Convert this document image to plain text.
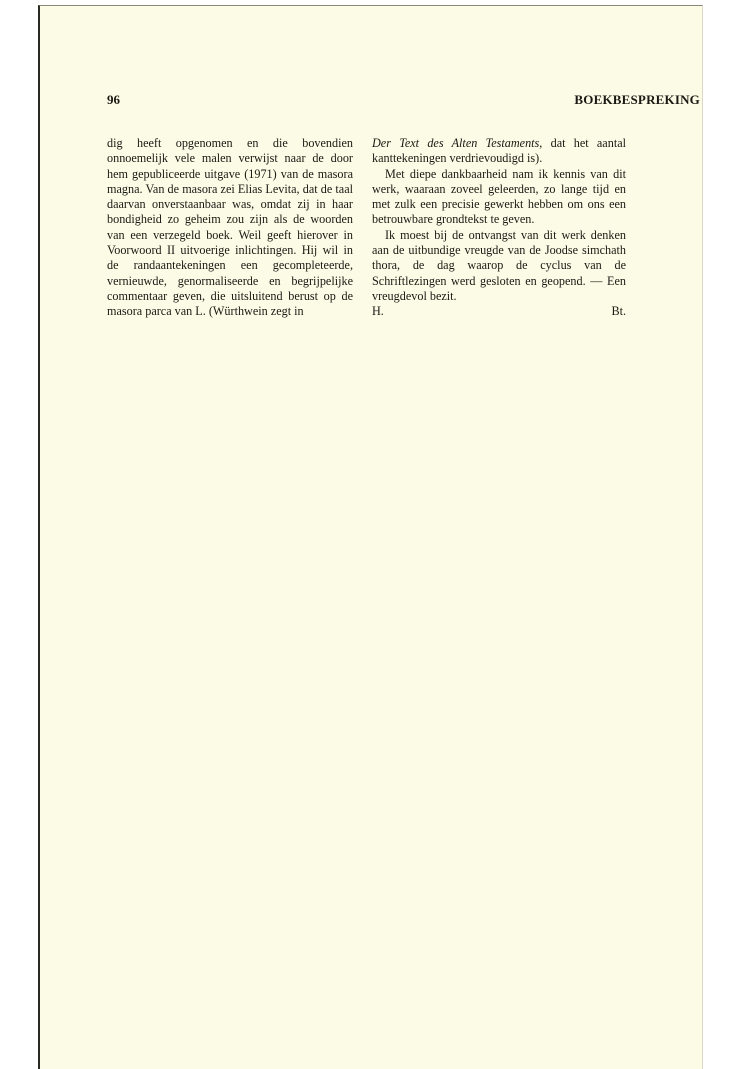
96	BOEKBESPREKING

dig heeft opgenomen en die bovendien onnoemelijk vele malen verwijst naar de door hem gepubliceerde uitgave (1971) van de masora magna. Van de masora zei Elias Levita, dat de taal daarvan onverstaanbaar was, omdat zij in haar bondigheid zo geheim zou zijn als de woorden van een verzegeld boek. Weil geeft hierover in Voorwoord II uitvoerige inlichtingen. Hij wil in de randaantekeningen een gecompleteerde, vernieuwde, genormaliseerde en begrijpelijke commentaar geven, die uitsluitend berust op de masora parca van L. (Würthwein zegt in

Der Text des Alten Testaments, dat het aantal kanttekeningen verdrievoudigd is).

Met diepe dankbaarheid nam ik kennis van dit werk, waaraan zoveel geleerden, zo lange tijd en met zulk een precisie gewerkt hebben om ons een betrouwbare grondtekst te geven.

Ik moest bij de ontvangst van dit werk denken aan de uitbundige vreugde van de Joodse simchath thora, de dag waarop de cyclus van de Schriftlezingen werd gesloten en geopend. — Een vreugdevol bezit.

H.	Bt.
